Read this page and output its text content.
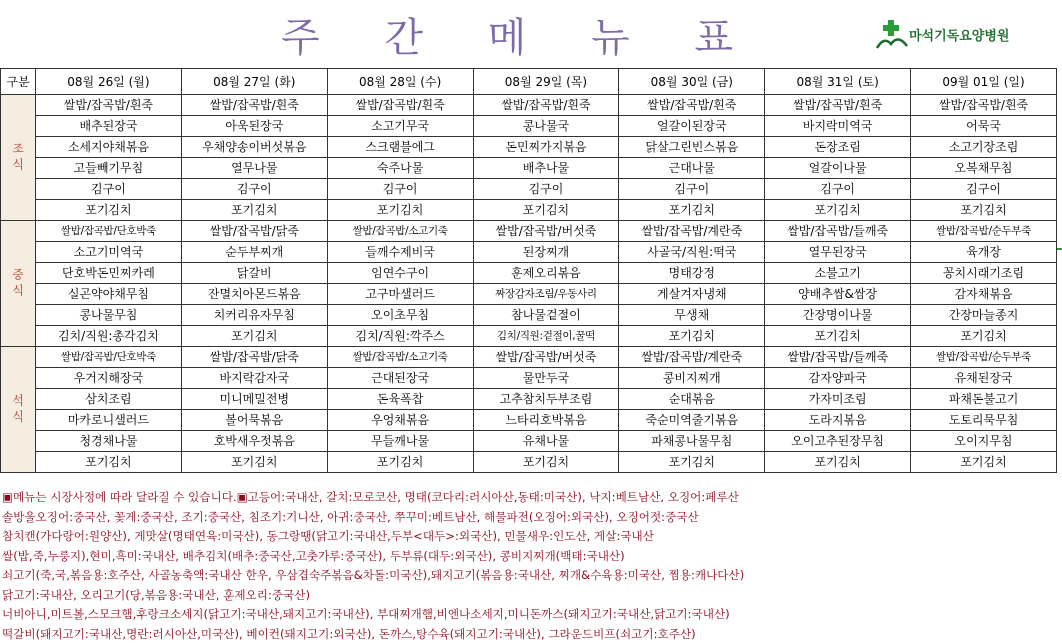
주 간 메 뉴 표	마석기독요양병원
구분	08월 26일 (월)	08월 27일 (화)	08월 28일 (수)	08월 29일 (목)	08월 30일 (금)	08월 31일 (토)	09월 01일 (일)
조식	쌀밥/잡곡밥/흰죽	쌀밥/잡곡밥/흰죽	쌀밥/잡곡밥/흰죽	쌀밥/잡곡밥/흰죽	쌀밥/잡곡밥/흰죽	쌀밥/잡곡밥/흰죽	쌀밥/잡곡밥/흰죽
	배추된장국	아욱된장국	소고기무국	콩나물국	얼갈이된장국	바지락미역국	어묵국
	소세지야채볶음	우채양송이버섯볶음	스크램블에그	돈민찌가지볶음	닭살그린빈스볶음	돈장조림	소고기장조림
	고들빼기무침	열무나물	숙주나물	배추나물	근대나물	얼갈이나물	오복채무침
	김구이	김구이	김구이	김구이	김구이	김구이	김구이
	포기김치	포기김치	포기김치	포기김치	포기김치	포기김치	포기김치
중식	쌀밥/잡곡밥/단호박죽	쌀밥/잡곡밥/닭죽	쌀밥/잡곡밥/소고기죽	쌀밥/잡곡밥/버섯죽	쌀밥/잡곡밥/계란죽	쌀밥/잡곡밥/들깨죽	쌀밥/잡곡밥/순두부죽
	소고기미역국	순두부찌개	들깨수제비국	된장찌개	사골국/직원:떡국	열무된장국	육개장
	단호박돈민찌카레	닭갈비	임연수구이	훈제오리볶음	명태강정	소불고기	꽁치시래기조림
	실곤약야채무침	잔멸치아몬드볶음	고구마샐러드	짜장감자조림/우동사리	게살겨자냉채	양배추쌈&쌈장	감자채볶음
	콩나물무침	치커리유자무침	오이초무침	참나물겉절이	무생채	간장명이나물	간장마늘종지
	김치/직원:총각김치	포기김치	김치/직원:깍주스	김치/직원:겉절이,꿀떡	포기김치	포기김치	포기김치
석식	쌀밥/잡곡밥/단호박죽	쌀밥/잡곡밥/닭죽	쌀밥/잡곡밥/소고기죽	쌀밥/잡곡밥/버섯죽	쌀밥/잡곡밥/계란죽	쌀밥/잡곡밥/들깨죽	쌀밥/잡곡밥/순두부죽
	우거지해장국	바지락감자국	근대된장국	물만두국	콩비지찌개	감자양파국	유채된장국
	삼치조림	미니메밀전병	돈육폭찹	고추참치두부조림	순대볶음	가자미조림	파채돈불고기
	마카로니샐러드	볼어묵볶음	우엉채볶음	느타리호박볶음	죽순미역줄기볶음	도라지볶음	도토리묵무침
	청경채나물	호박새우젓볶음	무들깨나물	유채나물	파채콩나물무침	오이고추된장무침	오이지무침
	포기김치	포기김치	포기김치	포기김치	포기김치	포기김치	포기김치
▣메뉴는 시장사정에 따라 달라질 수 있습니다.▣고등어:국내산, 갈치:모로코산, 명태(코다리:러시아산,동태:미국산), 낙지:베트남산, 오징어:페루산
솔방울오징어:중국산, 꽃게:중국산, 조기:중국산, 침조기:기니산, 아귀:중국산, 쭈꾸미:베트남산, 해물파전(오징어:외국산), 오징어젓:중국산
참치캔(가다랑어:원양산), 게맛살(명태연육:미국산), 동그랑땡(닭고기:국내산,두부<대두>:외국산), 민물새우:인도산, 게살:국내산
쌀(밥,죽,누룽지),현미,흑미:국내산, 배추김치(배추:중국산,고춧가루:중국산), 두부류(대두:외국산), 콩비지찌개(백태:국내산)
쇠고기(죽,국,볶음용:호주산, 사골농축액:국내산 한우, 우삼겹숙주볶음&차돌:미국산),돼지고기(볶음용:국내산, 찌개&수육용:미국산, 찜용:캐나다산)
닭고기:국내산, 오리고기(당,볶음용:국내산, 훈제오리:중국산)
너비아니,미트볼,스모크햄,후랑크소세지(닭고기:국내산,돼지고기:국내산), 부대찌개햄,비엔나소세지,미니돈까스(돼지고기:국내산,닭고기:국내산)
떡갈비(돼지고기:국내산,명란:러시아산,미국산), 베이컨(돼지고기:외국산), 돈까스,탕수육(돼지고기:국내산), 그라운드비프(쇠고기:호주산)
